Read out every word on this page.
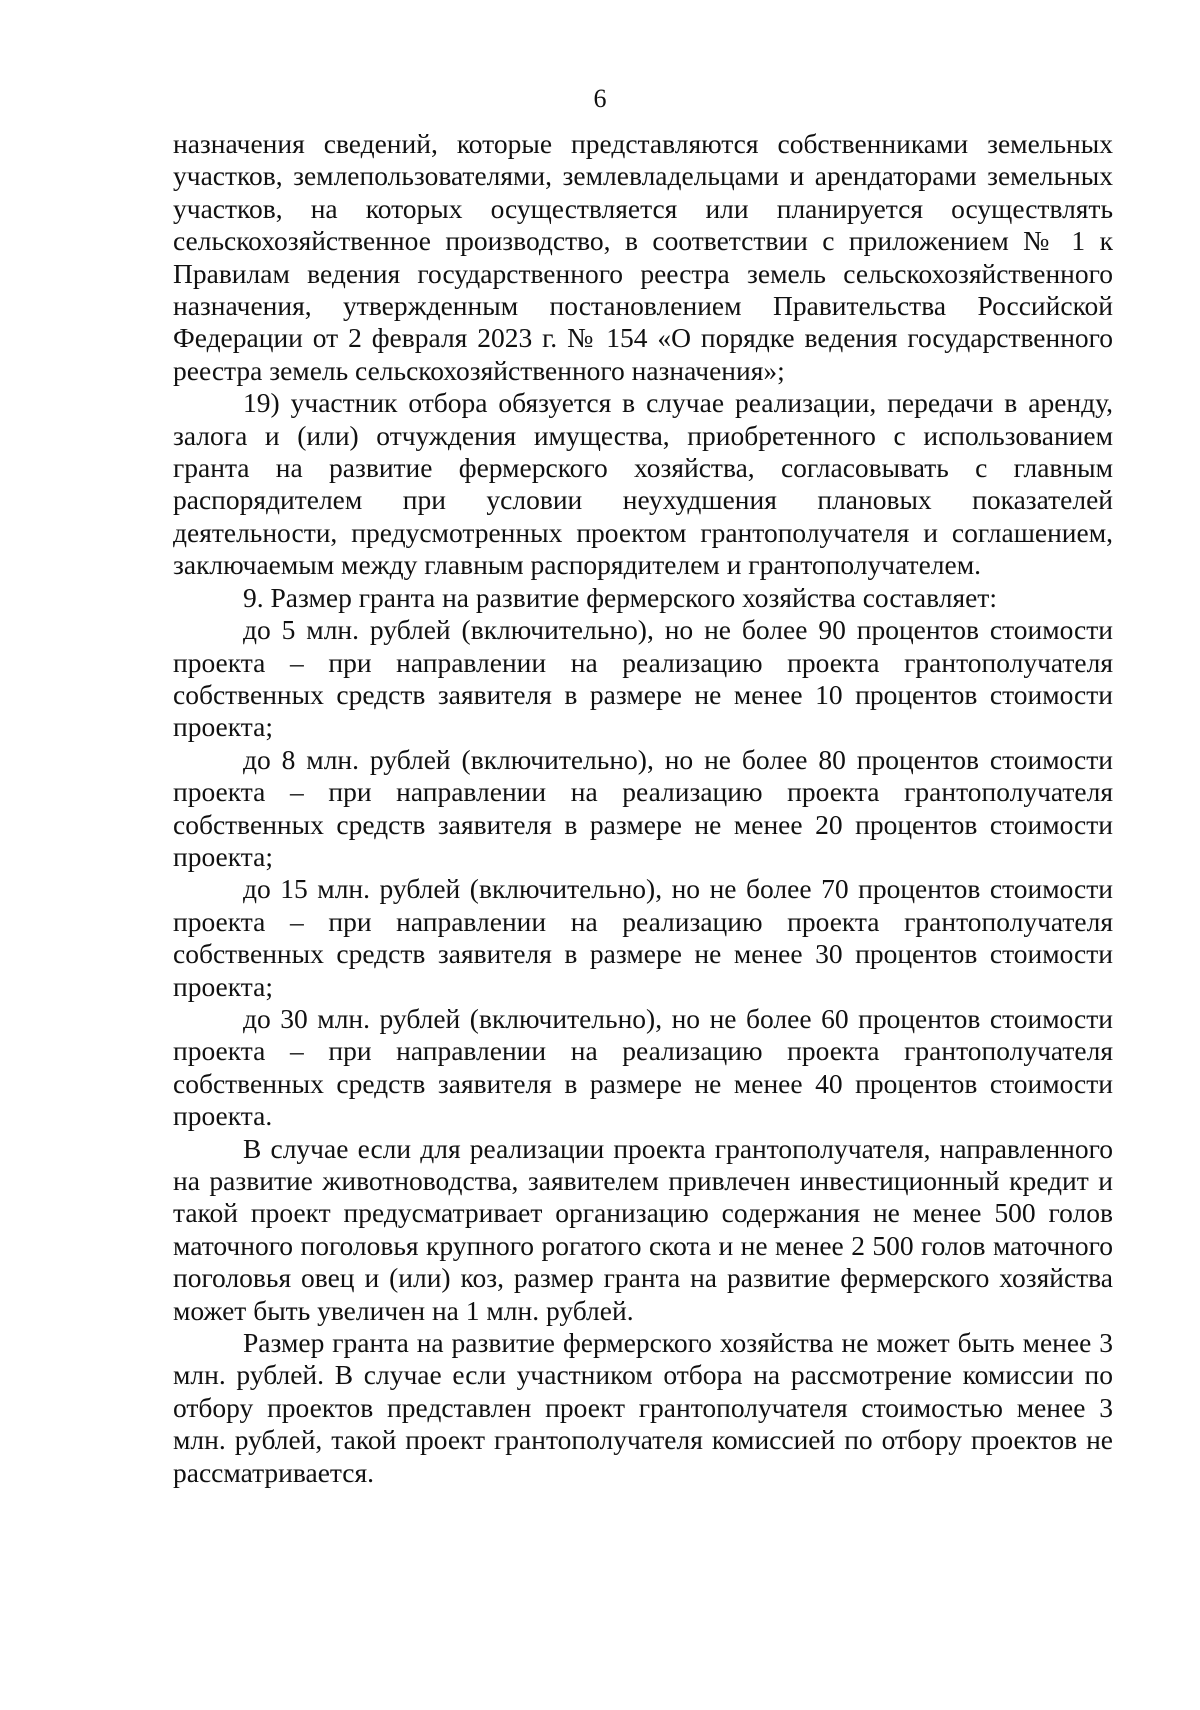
6

назначения сведений, которые представляются собственниками земельных участков, землепользователями, землевладельцами и арендаторами земельных участков, на которых осуществляется или планируется осуществлять сельскохозяйственное производство, в соответствии с приложением № 1 к Правилам ведения государственного реестра земель сельскохозяйственного назначения, утвержденным постановлением Правительства Российской Федерации от 2 февраля 2023 г. № 154 «О порядке ведения государственного реестра земель сельскохозяйственного назначения»;

19) участник отбора обязуется в случае реализации, передачи в аренду, залога и (или) отчуждения имущества, приобретенного с использованием гранта на развитие фермерского хозяйства, согласовывать с главным распорядителем при условии неухудшения плановых показателей деятельности, предусмотренных проектом грантополучателя и соглашением, заключаемым между главным распорядителем и грантополучателем.

9. Размер гранта на развитие фермерского хозяйства составляет:

до 5 млн. рублей (включительно), но не более 90 процентов стоимости проекта – при направлении на реализацию проекта грантополучателя собственных средств заявителя в размере не менее 10 процентов стоимости проекта;

до 8 млн. рублей (включительно), но не более 80 процентов стоимости проекта – при направлении на реализацию проекта грантополучателя собственных средств заявителя в размере не менее 20 процентов стоимости проекта;

до 15 млн. рублей (включительно), но не более 70 процентов стоимости проекта – при направлении на реализацию проекта грантополучателя собственных средств заявителя в размере не менее 30 процентов стоимости проекта;

до 30 млн. рублей (включительно), но не более 60 процентов стоимости проекта – при направлении на реализацию проекта грантополучателя собственных средств заявителя в размере не менее 40 процентов стоимости проекта.

В случае если для реализации проекта грантополучателя, направленного на развитие животноводства, заявителем привлечен инвестиционный кредит и такой проект предусматривает организацию содержания не менее 500 голов маточного поголовья крупного рогатого скота и не менее 2 500 голов маточного поголовья овец и (или) коз, размер гранта на развитие фермерского хозяйства может быть увеличен на 1 млн. рублей.

Размер гранта на развитие фермерского хозяйства не может быть менее 3 млн. рублей. В случае если участником отбора на рассмотрение комиссии по отбору проектов представлен проект грантополучателя стоимостью менее 3 млн. рублей, такой проект грантополучателя комиссией по отбору проектов не рассматривается.
